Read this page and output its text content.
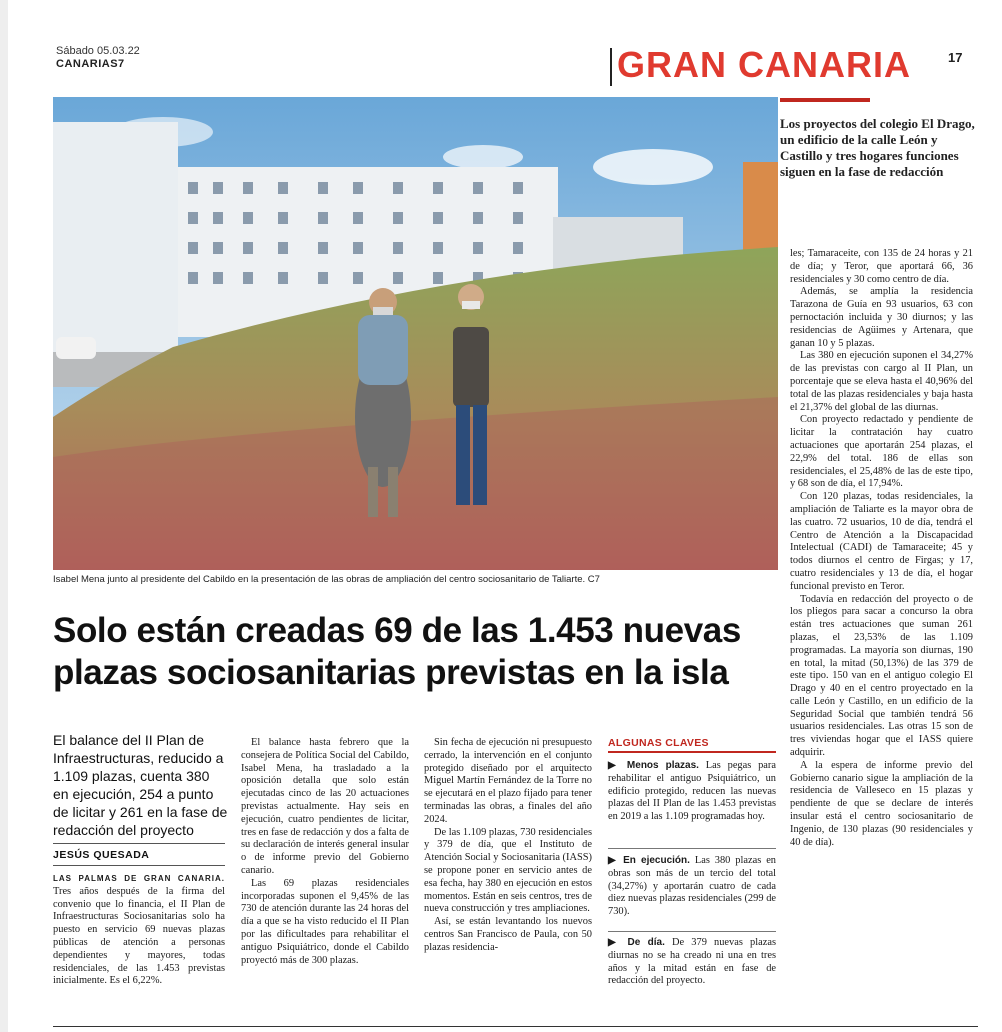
Sábado 05.03.22
CANARIAS7	GRAN CANARIA	17
Isabel Mena junto al presidente del Cabildo en la presentación de las obras de ampliación del centro sociosanitario de Taliarte. C7
Los proyectos del colegio El Drago, un edificio de la calle León y Castillo y tres hogares funciones siguen en la fase de redacción
Solo están creadas 69 de las 1.453 nuevas plazas sociosanitarias previstas en la isla
El balance del II Plan de Infraestructuras, reducido a 1.109 plazas, cuenta 380 en ejecución, 254 a punto de licitar y 261 en la fase de redacción del proyecto
JESÚS QUESADA

LAS PALMAS DE GRAN CANARIA. Tres años después de la firma del convenio que lo financia, el II Plan de Infraestructuras Sociosanitarias solo ha puesto en servicio 69 nuevas plazas públicas de atención a personas dependientes y mayores, todas residenciales, de las 1.453 previstas inicialmente. Es el 6,22%.

El balance hasta febrero que la consejera de Política Social del Cabildo, Isabel Mena, ha trasladado a la oposición detalla que solo están ejecutadas cinco de las 20 actuaciones previstas actualmente. Hay seis en ejecución, cuatro pendientes de licitar, tres en fase de redacción y dos a falta de su declaración de interés general insular o de informe previo del Gobierno canario.

Las 69 plazas residenciales incorporadas suponen el 9,45% de las 730 de atención durante las 24 horas del día a que se ha visto reducido el II Plan por las dificultades para rehabilitar el antiguo Psiquiátrico, donde el Cabildo proyectó más de 300 plazas.

Sin fecha de ejecución ni presupuesto cerrado, la intervención en el conjunto protegido diseñado por el arquitecto Miguel Martín Fernández de la Torre no se ejecutará en el plazo fijado para tener terminadas las obras, a finales del año 2024.

De las 1.109 plazas, 730 residenciales y 379 de día, que el Instituto de Atención Social y Sociosanitaria (IASS) se propone poner en servicio antes de esa fecha, hay 380 en ejecución en estos momentos. Están en seis centros, tres de nueva construcción y tres ampliaciones.

Así, se están levantando los nuevos centros San Francisco de Paula, con 50 plazas residencia-

ALGUNAS CLAVES
▶ Menos plazas. Las pegas para rehabilitar el antiguo Psiquiátrico, un edificio protegido, reducen las nuevas plazas del II Plan de las 1.453 previstas en 2019 a las 1.109 programadas hoy.
▶ En ejecución. Las 380 plazas en obras son más de un tercio del total (34,27%) y aportarán cuatro de cada diez nuevas plazas residenciales (299 de 730).
▶ De día. De 379 nuevas plazas diurnas no se ha creado ni una en tres años y la mitad están en fase de redacción del proyecto.

les; Tamaraceite, con 135 de 24 horas y 21 de día; y Teror, que aportará 66, 36 residenciales y 30 como centro de día.

Además, se amplía la residencia Tarazona de Guía en 93 usuarios, 63 con pernoctación incluida y 30 diurnos; y las residencias de Agüimes y Artenara, que ganan 10 y 5 plazas.

Las 380 en ejecución suponen el 34,27% de las previstas con cargo al II Plan, un porcentaje que se eleva hasta el 40,96% del total de las plazas residenciales y baja hasta el 21,37% del global de las diurnas.

Con proyecto redactado y pendiente de licitar la contratación hay cuatro actuaciones que aportarán 254 plazas, el 22,9% del total. 186 de ellas son residenciales, el 25,48% de las de este tipo, y 68 son de día, el 17,94%.

Con 120 plazas, todas residenciales, la ampliación de Taliarte es la mayor obra de las cuatro. 72 usuarios, 10 de día, tendrá el Centro de Atención a la Discapacidad Intelectual (CADI) de Tamaraceite; 45 y todos diurnos el centro de Firgas; y 17, cuatro residenciales y 13 de día, el hogar funcional previsto en Teror.

Todavía en redacción del proyecto o de los pliegos para sacar a concurso la obra están tres actuaciones que suman 261 plazas, el 23,53% de las 1.109 programadas. La mayoría son diurnas, 190 en total, la mitad (50,13%) de las 379 de este tipo. 150 van en el antiguo colegio El Drago y 40 en el centro proyectado en la calle León y Castillo, en un edificio de la Seguridad Social que también tendrá 56 usuarios residenciales. Las otras 15 son de tres viviendas hogar que el IASS quiere adquirir.

A la espera de informe previo del Gobierno canario sigue la ampliación de la residencia de Valleseco en 15 plazas y pendiente de que se declare de interés insular está el centro sociosanitario de Ingenio, de 130 plazas (90 residenciales y 40 de día).
